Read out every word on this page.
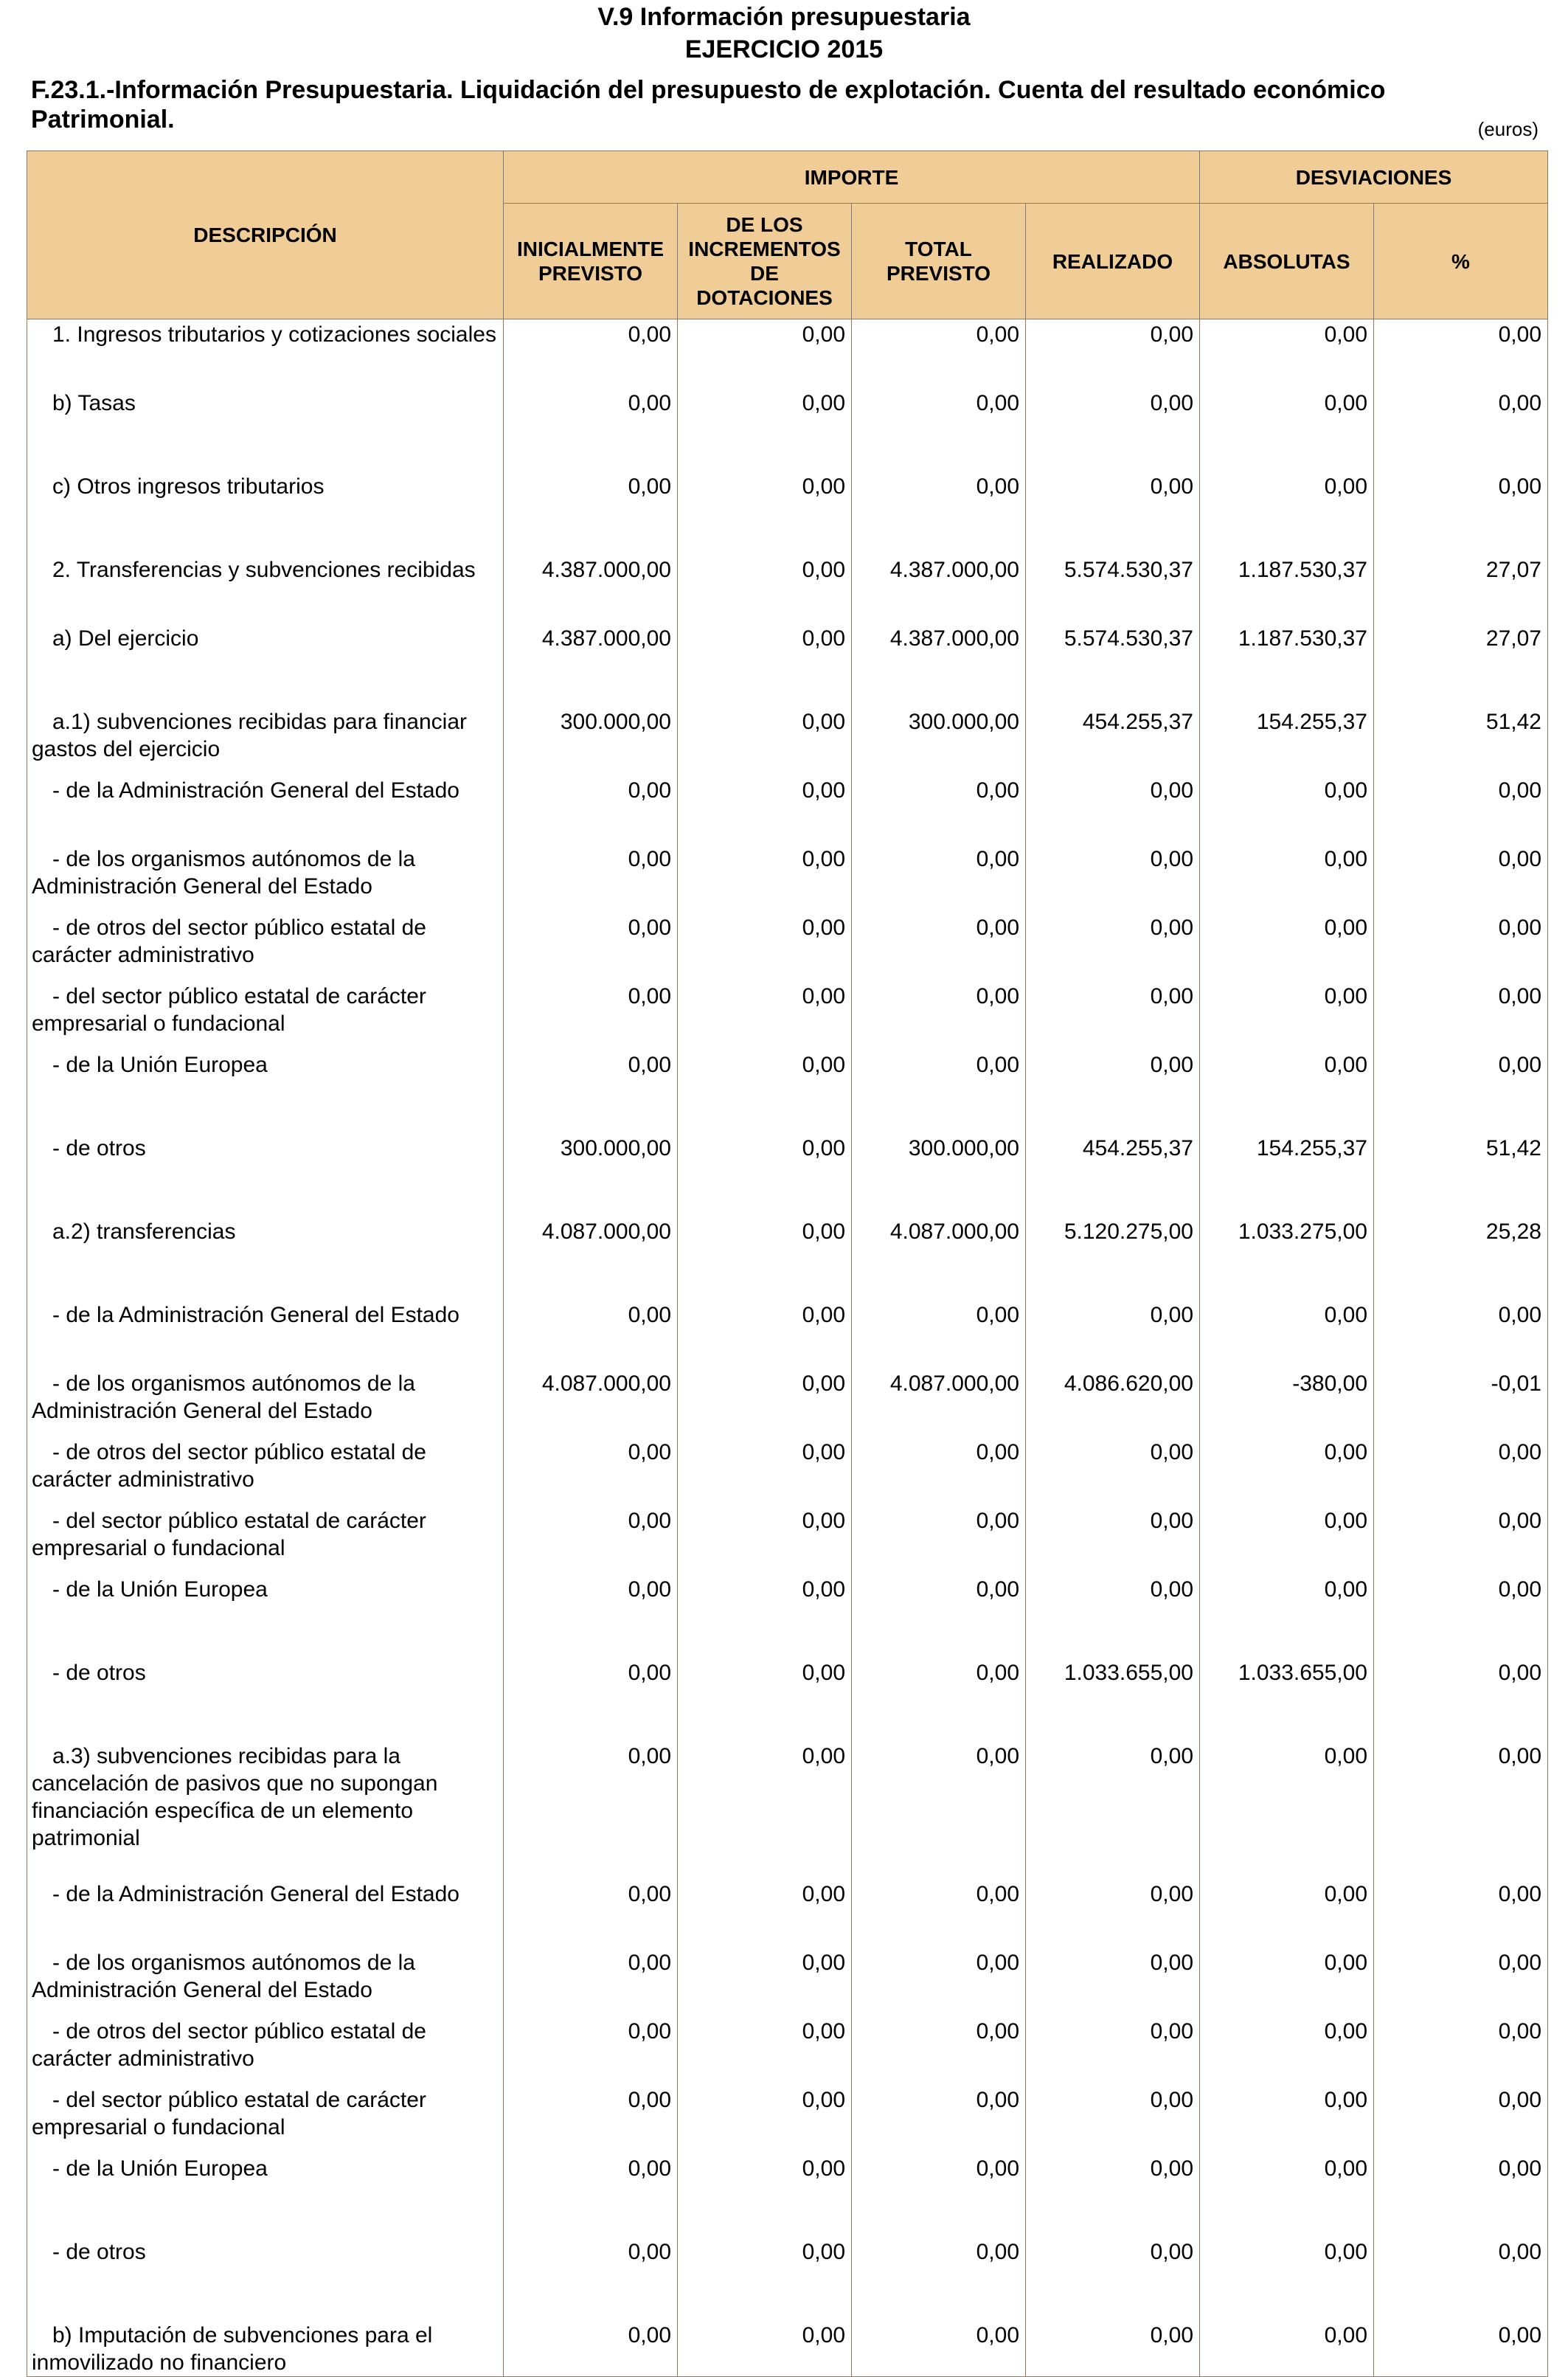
V.9 Información presupuestaria
EJERCICIO 2015
F.23.1.-Información Presupuestaria. Liquidación del presupuesto de explotación. Cuenta del resultado económico Patrimonial.	(euros)
DESCRIPCIÓN	IMPORTE				DESVIACIONES	
	INICIALMENTE PREVISTO	DE LOS INCREMENTOS DE DOTACIONES	TOTAL PREVISTO	REALIZADO	ABSOLUTAS	%
1. Ingresos tributarios y cotizaciones sociales	0,00	0,00	0,00	0,00	0,00	0,00
b) Tasas	0,00	0,00	0,00	0,00	0,00	0,00
c) Otros ingresos tributarios	0,00	0,00	0,00	0,00	0,00	0,00
2. Transferencias y subvenciones recibidas	4.387.000,00	0,00	4.387.000,00	5.574.530,37	1.187.530,37	27,07
a) Del ejercicio	4.387.000,00	0,00	4.387.000,00	5.574.530,37	1.187.530,37	27,07
a.1) subvenciones recibidas para financiar gastos del ejercicio	300.000,00	0,00	300.000,00	454.255,37	154.255,37	51,42
- de la Administración General del Estado	0,00	0,00	0,00	0,00	0,00	0,00
- de los organismos autónomos de la Administración General del Estado	0,00	0,00	0,00	0,00	0,00	0,00
- de otros del sector público estatal de carácter administrativo	0,00	0,00	0,00	0,00	0,00	0,00
- del sector público estatal de carácter empresarial o fundacional	0,00	0,00	0,00	0,00	0,00	0,00
- de la Unión Europea	0,00	0,00	0,00	0,00	0,00	0,00
- de otros	300.000,00	0,00	300.000,00	454.255,37	154.255,37	51,42
a.2) transferencias	4.087.000,00	0,00	4.087.000,00	5.120.275,00	1.033.275,00	25,28
- de la Administración General del Estado	0,00	0,00	0,00	0,00	0,00	0,00
- de los organismos autónomos de la Administración General del Estado	4.087.000,00	0,00	4.087.000,00	4.086.620,00	-380,00	-0,01
- de otros del sector público estatal de carácter administrativo	0,00	0,00	0,00	0,00	0,00	0,00
- del sector público estatal de carácter empresarial o fundacional	0,00	0,00	0,00	0,00	0,00	0,00
- de la Unión Europea	0,00	0,00	0,00	0,00	0,00	0,00
- de otros	0,00	0,00	0,00	1.033.655,00	1.033.655,00	0,00
a.3) subvenciones recibidas para la cancelación de pasivos que no supongan financiación específica de un elemento patrimonial	0,00	0,00	0,00	0,00	0,00	0,00
- de la Administración General del Estado	0,00	0,00	0,00	0,00	0,00	0,00
- de los organismos autónomos de la Administración General del Estado	0,00	0,00	0,00	0,00	0,00	0,00
- de otros del sector público estatal de carácter administrativo	0,00	0,00	0,00	0,00	0,00	0,00
- del sector público estatal de carácter empresarial o fundacional	0,00	0,00	0,00	0,00	0,00	0,00
- de la Unión Europea	0,00	0,00	0,00	0,00	0,00	0,00
- de otros	0,00	0,00	0,00	0,00	0,00	0,00
b) Imputación de subvenciones para el inmovilizado no financiero	0,00	0,00	0,00	0,00	0,00	0,00
